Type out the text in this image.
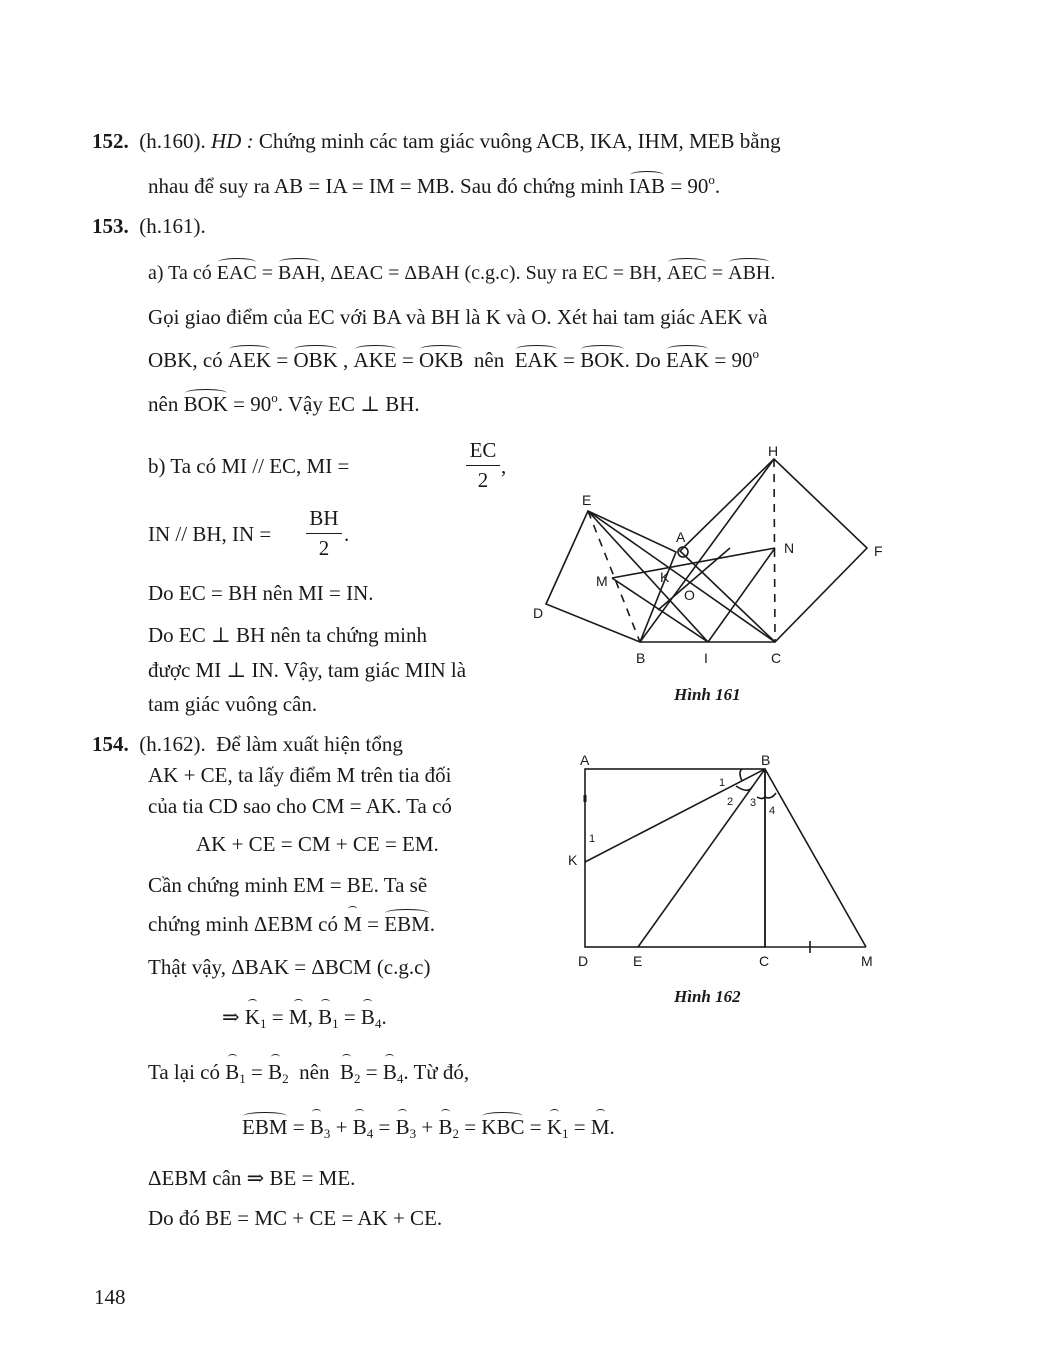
152. (h.160). HD : Chứng minh các tam giác vuông ACB, IKA, IHM, MEB bằng
nhau để suy ra AB = IA = IM = MB. Sau đó chứng minh IAB = $90^o$.
153. (h.161).
a) Ta có EAC = BAH, ΔEAC = ΔBAH (c.g.c). Suy ra EC = BH, AEC = ABH.
Gọi giao điểm của EC với BA và BH là K và O. Xét hai tam giác AEK và
OBK, có AEK = OBK , AKE = OKB nên EAK = BOK. Do EAK = $90^o$
nên BOK = $90^o$. Vậy EC ⊥ BH.
b) Ta có MI // EC, MI =
EC
2
,
IN // BH, IN =
BH
2
.
Do EC = BH nên MI = IN.
Do EC ⊥ BH nên ta chứng minh
được MI ⊥ IN. Vậy, tam giác MIN là
tam giác vuông cân.
154. (h.162). Để làm xuất hiện tổng
AK + CE, ta lấy điểm M trên tia đối
của tia CD sao cho CM = AK. Ta có
AK + CE = CM + CE = EM.
Cần chứng minh EM = BE. Ta sẽ
chứng minh ΔEBM có M = EBM.
Thật vậy, ΔBAK = ΔBCM (c.g.c)
⇒ $K_1 = M$, $B_1 = B_4$.
Ta lại có $B_1 = B_2$ nên $B_2 = B_4$. Từ đó,
EBM = $B_3 + B_4 = B_3 + B_2$ = KBC = $K_1 = M$.
ΔEBM cân ⇒ BE = ME.
Do đó BE = MC + CE = AK + CE.
148
H
E
A
N	F
M	K
O
D
B	I	C
A	B
K
D	E	C	M
1
2 3
4
1
Hình 161
Hình 162
